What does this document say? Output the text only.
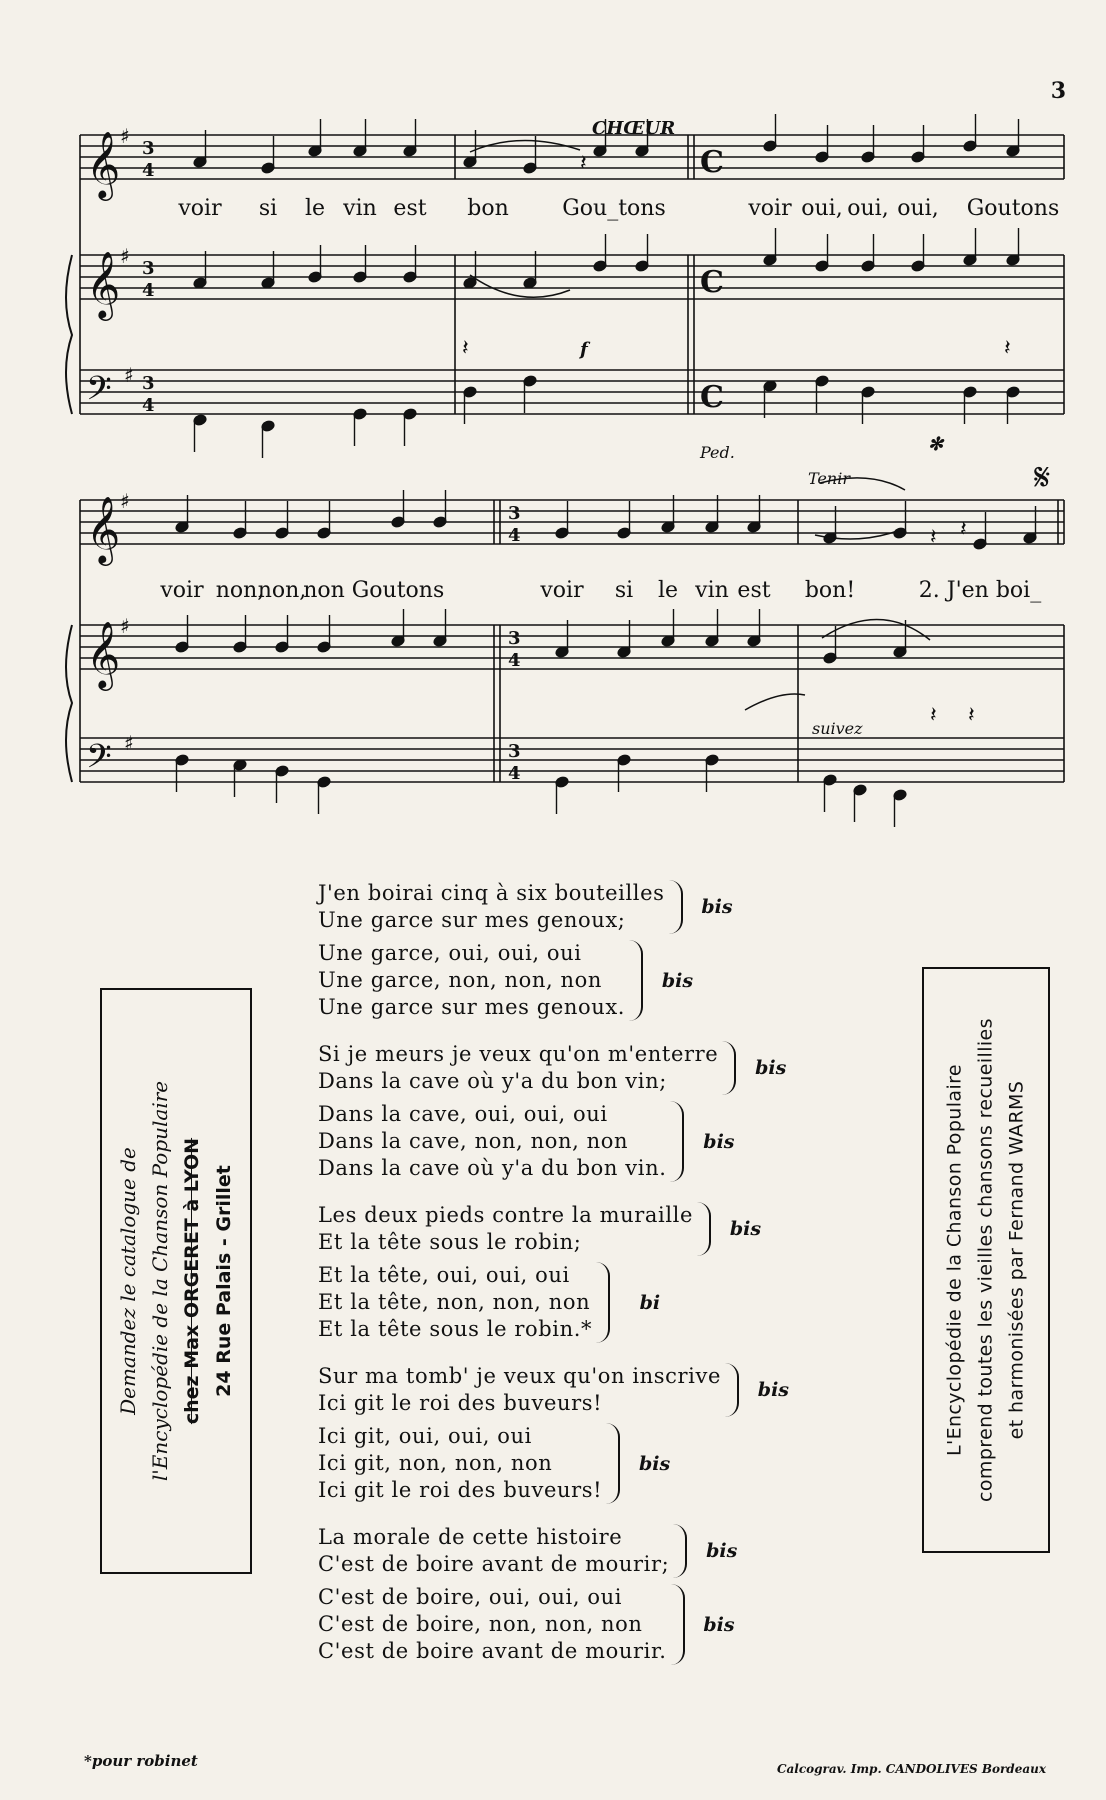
3
𝄞
𝄞
𝄢
𝄞
𝄞
𝄢
♯
♯
♯
♯
♯
♯
3
4
3
4
3
4
C
C
C
3
4
3
4
3
4
𝄽
𝄽
𝄽
𝄽 𝄽
𝄽 𝄽
voir si le vin est bon Gou_tons	voir oui, oui, oui, Goutons
voir non,
non,
non Goutons	voir si le vin est bon!	2. J'en boi_
CHŒUR
f
Ped.	✻
Tenir
suivez
𝄋
J'en boirai cinq à six bouteilles
Une garce sur mes genoux;
bis
Une garce, oui, oui, oui
Une garce, non, non, non
Une garce sur mes genoux.
bis
Si je meurs je veux qu'on m'enterre
Dans la cave où y'a du bon vin;
bis
Dans la cave, oui, oui, oui
Dans la cave, non, non, non
Dans la cave où y'a du bon vin.
bis
Les deux pieds contre la muraille
Et la tête sous le robin;
bis
Et la tête, oui, oui, oui
Et la tête, non, non, non
Et la tête sous le robin.*
bi
Sur ma tomb' je veux qu'on inscrive
Ici git le roi des buveurs!
bis
Ici git, oui, oui, oui
Ici git, non, non, non
Ici git le roi des buveurs!
bis
La morale de cette histoire
C'est de boire avant de mourir;
bis
C'est de boire, oui, oui, oui
C'est de boire, non, non, non
C'est de boire avant de mourir.
bis
Demandez le catalogue de l'Encyclopédie de la Chanson Populaire chez Max ORGERET à LYON 24 Rue Palais - Grillet	L'Encyclopédie de la Chanson Populaire comprend toutes les vieilles chansons recueillies et harmonisées par Fernand WARMS
*pour robinet	Calcograv. Imp. CANDOLIVES Bordeaux
